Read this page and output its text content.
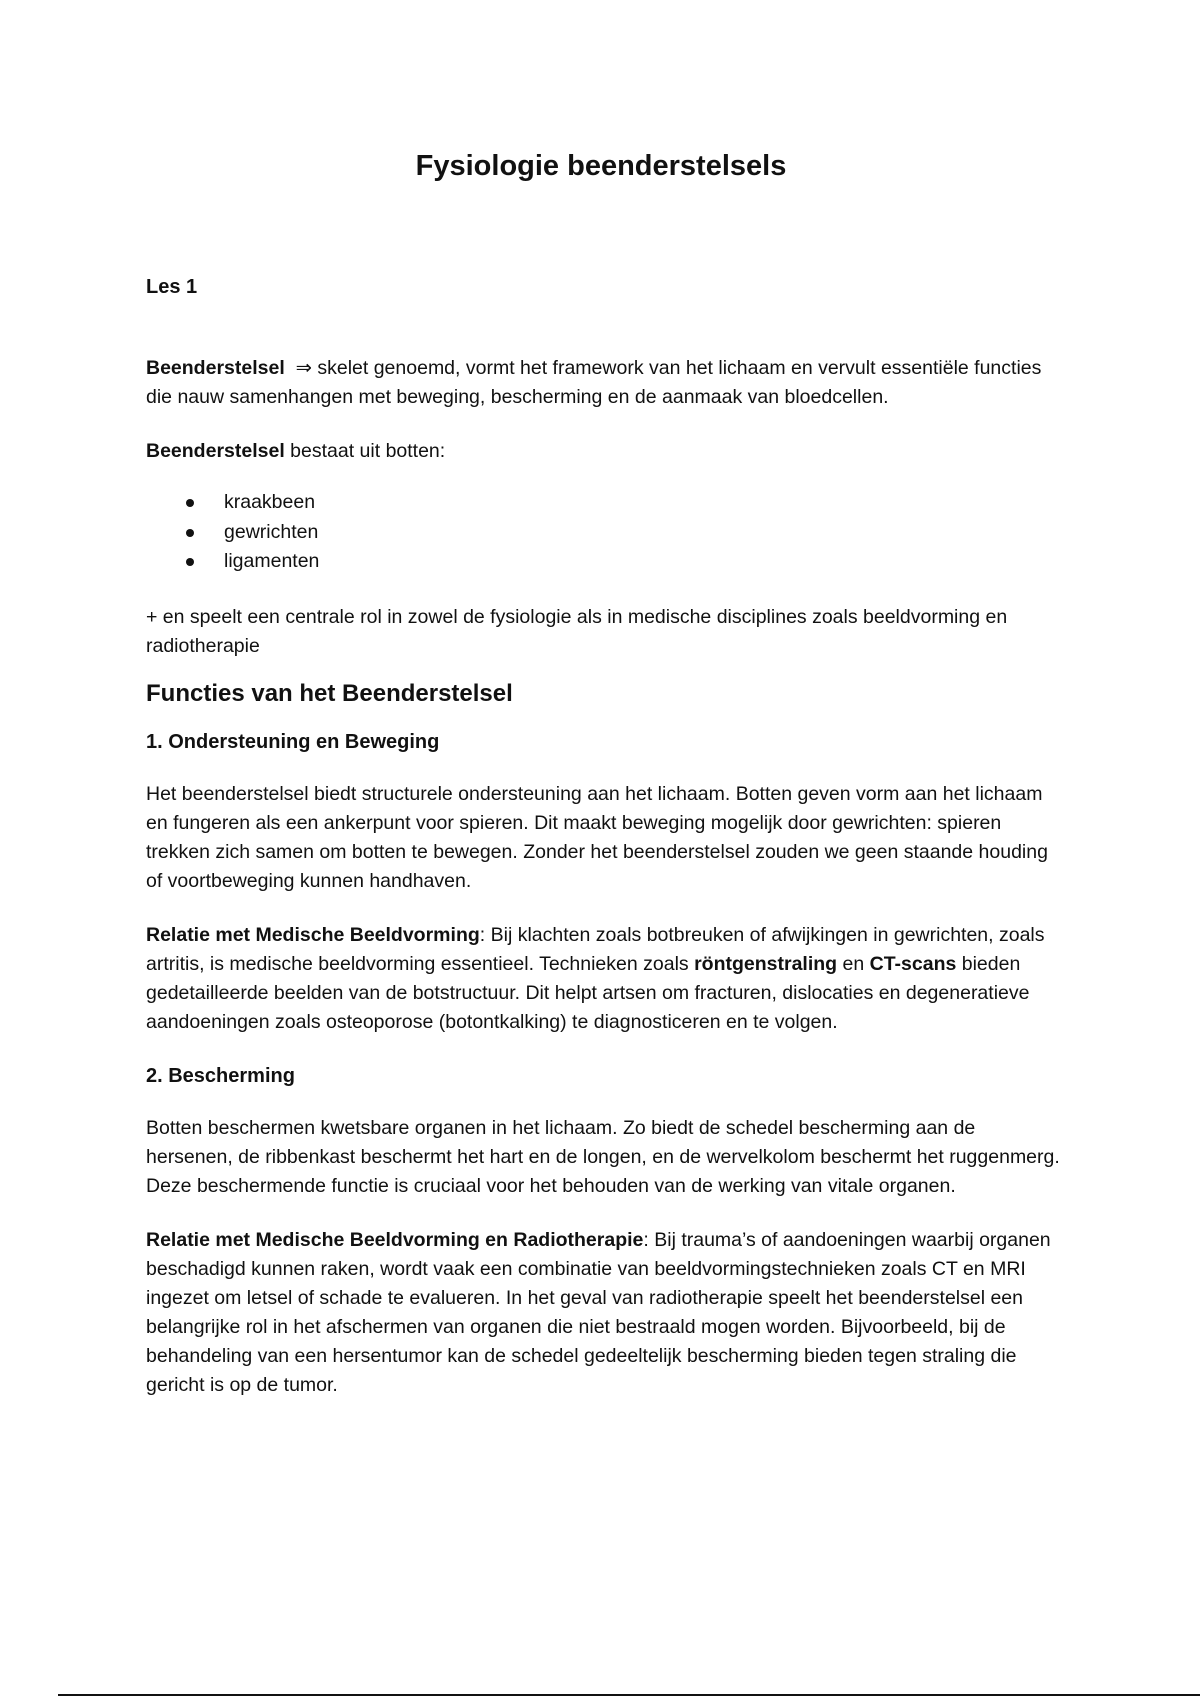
Fysiologie beenderstelsels

Les 1

Beenderstelsel ⇒ skelet genoemd, vormt het framework van het lichaam en vervult essentiële functies die nauw samenhangen met beweging, bescherming en de aanmaak van bloedcellen.

Beenderstelsel bestaat uit botten:

kraakbeen
gewrichten
ligamenten

+ en speelt een centrale rol in zowel de fysiologie als in medische disciplines zoals beeldvorming en radiotherapie

Functies van het Beenderstelsel
1. Ondersteuning en Beweging

Het beenderstelsel biedt structurele ondersteuning aan het lichaam. Botten geven vorm aan het lichaam en fungeren als een ankerpunt voor spieren. Dit maakt beweging mogelijk door gewrichten: spieren trekken zich samen om botten te bewegen. Zonder het beenderstelsel zouden we geen staande houding of voortbeweging kunnen handhaven.

Relatie met Medische Beeldvorming: Bij klachten zoals botbreuken of afwijkingen in gewrichten, zoals artritis, is medische beeldvorming essentieel. Technieken zoals röntgenstraling en CT-scans bieden gedetailleerde beelden van de botstructuur. Dit helpt artsen om fracturen, dislocaties en degeneratieve aandoeningen zoals osteoporose (botontkalking) te diagnosticeren en te volgen.

2. Bescherming

Botten beschermen kwetsbare organen in het lichaam. Zo biedt de schedel bescherming aan de hersenen, de ribbenkast beschermt het hart en de longen, en de wervelkolom beschermt het ruggenmerg. Deze beschermende functie is cruciaal voor het behouden van de werking van vitale organen.

Relatie met Medische Beeldvorming en Radiotherapie: Bij trauma’s of aandoeningen waarbij organen beschadigd kunnen raken, wordt vaak een combinatie van beeldvormingstechnieken zoals CT en MRI ingezet om letsel of schade te evalueren. In het geval van radiotherapie speelt het beenderstelsel een belangrijke rol in het afschermen van organen die niet bestraald mogen worden. Bijvoorbeeld, bij de behandeling van een hersentumor kan de schedel gedeeltelijk bescherming bieden tegen straling die gericht is op de tumor.
